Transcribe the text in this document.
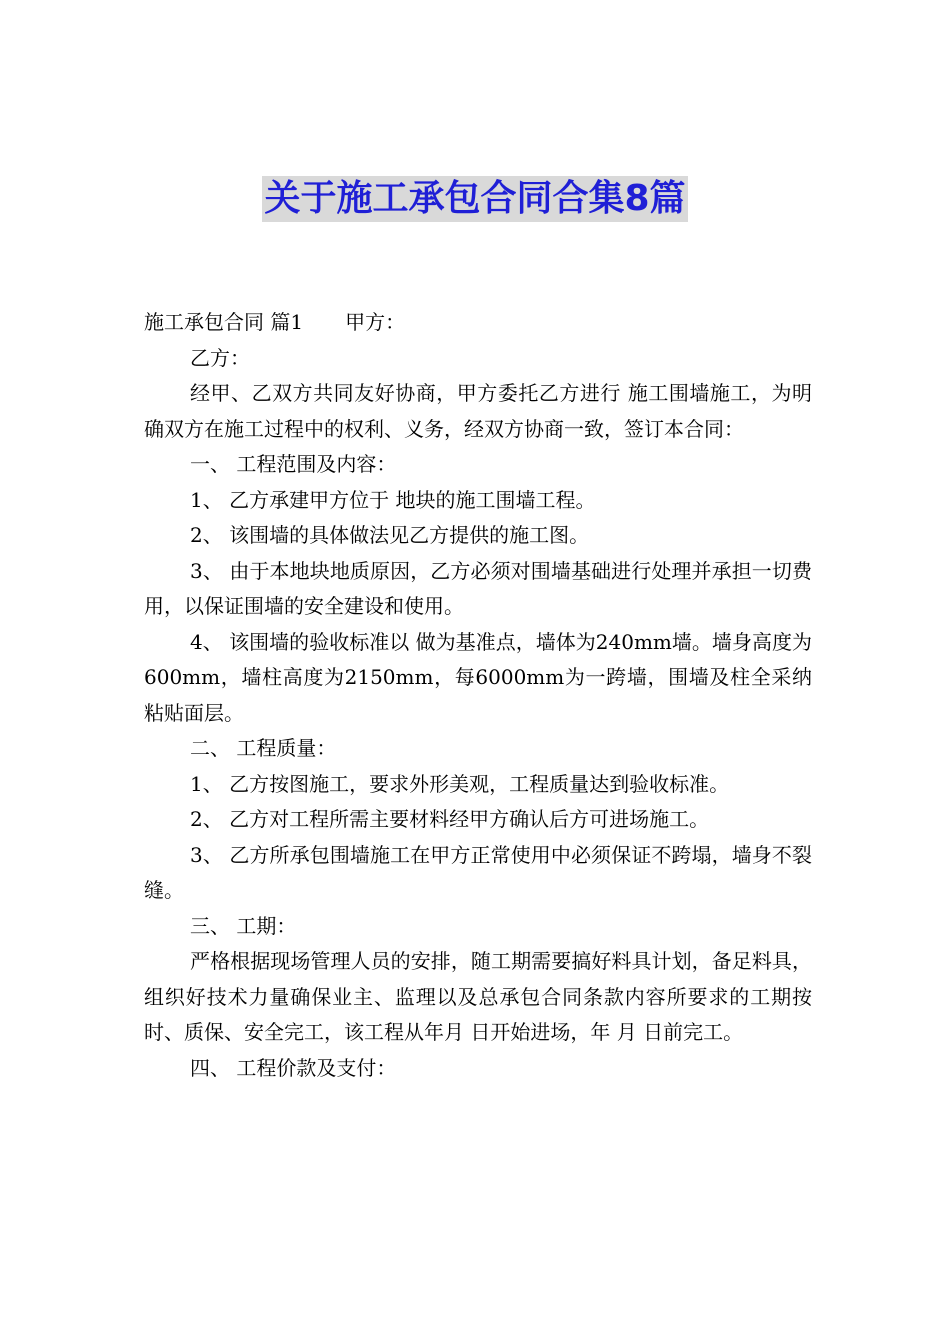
关于施工承包合同合集8篇

施工承包合同 篇1 甲方：

乙方：

经甲、乙双方共同友好协商，甲方委托乙方进行 施工围墙施工，为明确双方在施工过程中的权利、义务，经双方协商一致，签订本合同：

一、 工程范围及内容：

1、 乙方承建甲方位于 地块的施工围墙工程。

2、 该围墙的具体做法见乙方提供的施工图。

3、 由于本地块地质原因，乙方必须对围墙基础进行处理并承担一切费用，以保证围墙的安全建设和使用。

4、 该围墙的验收标准以 做为基准点，墙体为240mm墙。墙身高度为600mm，墙柱高度为2150mm，每6000mm为一跨墙，围墙及柱全采纳 粘贴面层。

二、 工程质量：

1、 乙方按图施工，要求外形美观，工程质量达到验收标准。

2、 乙方对工程所需主要材料经甲方确认后方可进场施工。

3、 乙方所承包围墙施工在甲方正常使用中必须保证不跨塌，墙身不裂缝。

三、 工期：

严格根据现场管理人员的安排，随工期需要搞好料具计划，备足料具，组织好技术力量确保业主、监理以及总承包合同条款内容所要求的工期按时、质保、安全完工，该工程从年月 日开始进场，年 月 日前完工。

四、 工程价款及支付：
